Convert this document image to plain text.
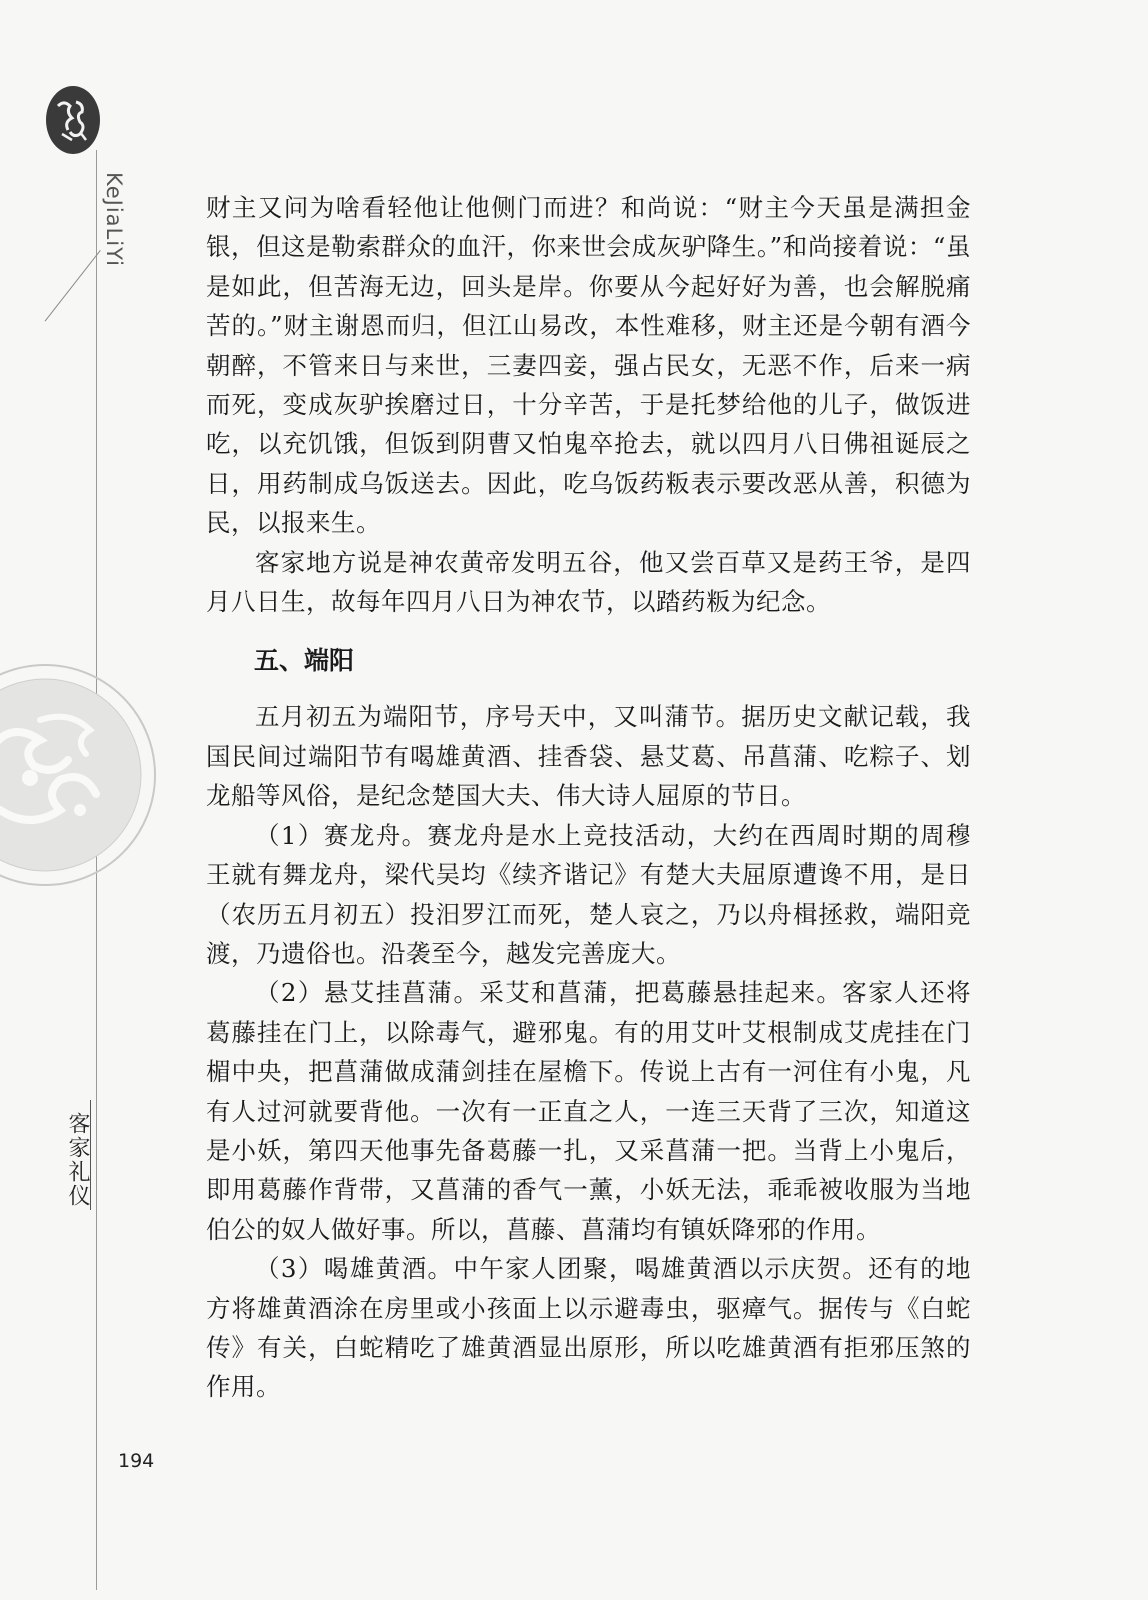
KeJiaLiYi
客家礼仪

财主又问为啥看轻他让他侧门而进？和尚说：“财主今天虽是满担金银，但这是勒索群众的血汗，你来世会成灰驴降生。”和尚接着说：“虽是如此，但苦海无边，回头是岸。你要从今起好好为善，也会解脱痛苦的。”财主谢恩而归，但江山易改，本性难移，财主还是今朝有酒今朝醉，不管来日与来世，三妻四妾，强占民女，无恶不作，后来一病而死，变成灰驴挨磨过日，十分辛苦，于是托梦给他的儿子，做饭进吃，以充饥饿，但饭到阴曹又怕鬼卒抢去，就以四月八日佛祖诞辰之日，用药制成乌饭送去。因此，吃乌饭药粄表示要改恶从善，积德为民，以报来生。

客家地方说是神农黄帝发明五谷，他又尝百草又是药王爷，是四月八日生，故每年四月八日为神农节，以踏药粄为纪念。

五、端阳

五月初五为端阳节，序号天中，又叫蒲节。据历史文献记载，我国民间过端阳节有喝雄黄酒、挂香袋、悬艾葛、吊菖蒲、吃粽子、划龙船等风俗，是纪念楚国大夫、伟大诗人屈原的节日。

（1）赛龙舟。赛龙舟是水上竞技活动，大约在西周时期的周穆王就有舞龙舟，梁代吴均《续齐谐记》有楚大夫屈原遭谗不用，是日（农历五月初五）投汨罗江而死，楚人哀之，乃以舟楫拯救，端阳竞渡，乃遗俗也。沿袭至今，越发完善庞大。

（2）悬艾挂菖蒲。采艾和菖蒲，把葛藤悬挂起来。客家人还将葛藤挂在门上，以除毒气，避邪鬼。有的用艾叶艾根制成艾虎挂在门楣中央，把菖蒲做成蒲剑挂在屋檐下。传说上古有一河住有小鬼，凡有人过河就要背他。一次有一正直之人，一连三天背了三次，知道这是小妖，第四天他事先备葛藤一扎，又采菖蒲一把。当背上小鬼后，即用葛藤作背带，又菖蒲的香气一薰，小妖无法，乖乖被收服为当地伯公的奴人做好事。所以，菖藤、菖蒲均有镇妖降邪的作用。

（3）喝雄黄酒。中午家人团聚，喝雄黄酒以示庆贺。还有的地方将雄黄酒涂在房里或小孩面上以示避毒虫，驱瘴气。据传与《白蛇传》有关，白蛇精吃了雄黄酒显出原形，所以吃雄黄酒有拒邪压煞的作用。

194
